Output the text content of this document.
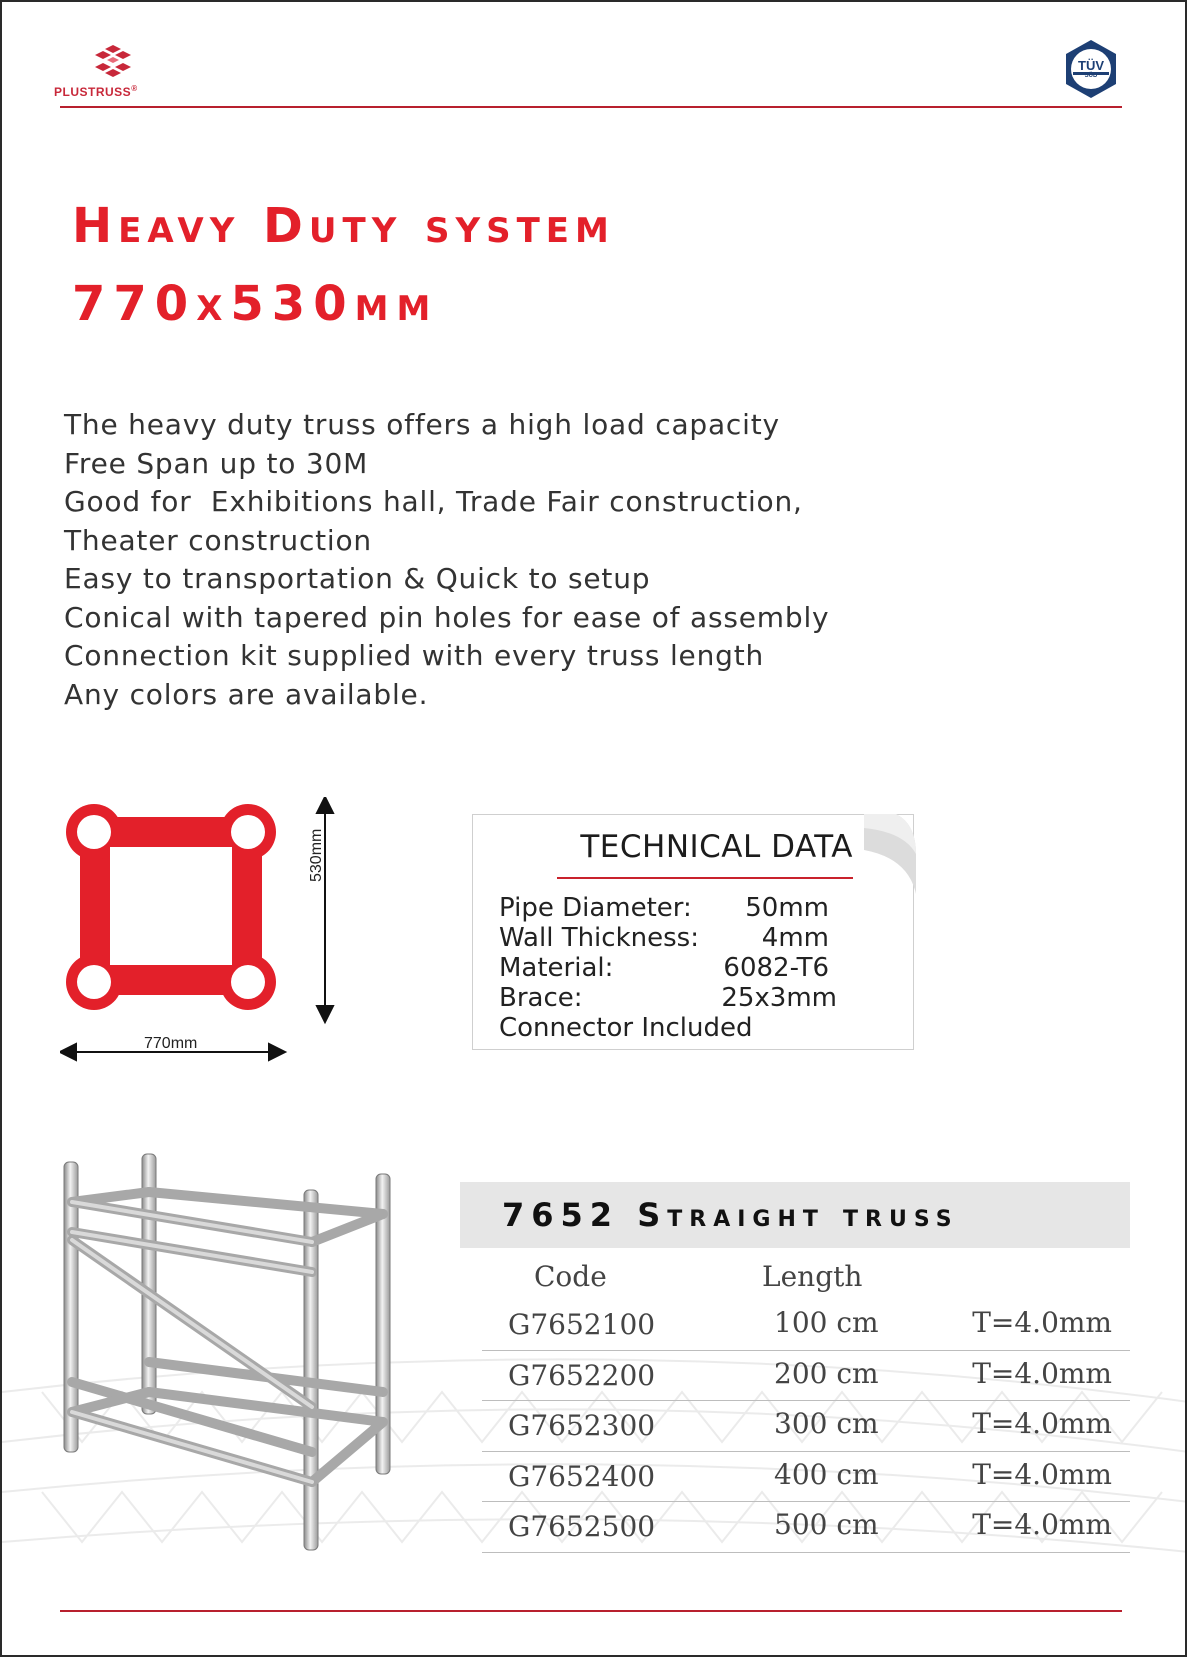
PLUSTRUSS®
TÜV
SÜD
Heavy Duty system
770x530mm
The heavy duty truss offers a high load capacity
Free Span up to 30M
Good for  Exhibitions hall, Trade Fair construction,
Theater construction
Easy to transportation & Quick to setup
Conical with tapered pin holes for ease of assembly
Connection kit supplied with every truss length
Any colors are available.
530mm
770mm
TECHNICAL DATA
Pipe Diameter: 50mm
Wall Thickness: 4mm
Material:	6082-T6
Brace:	25x3mm
Connector Included
7652 Straight truss
Code	Length
G7652100	100 cm	T=4.0mm
G7652200	200 cm	T=4.0mm
G7652300	300 cm	T=4.0mm
G7652400	400 cm	T=4.0mm
G7652500	500 cm	T=4.0mm
